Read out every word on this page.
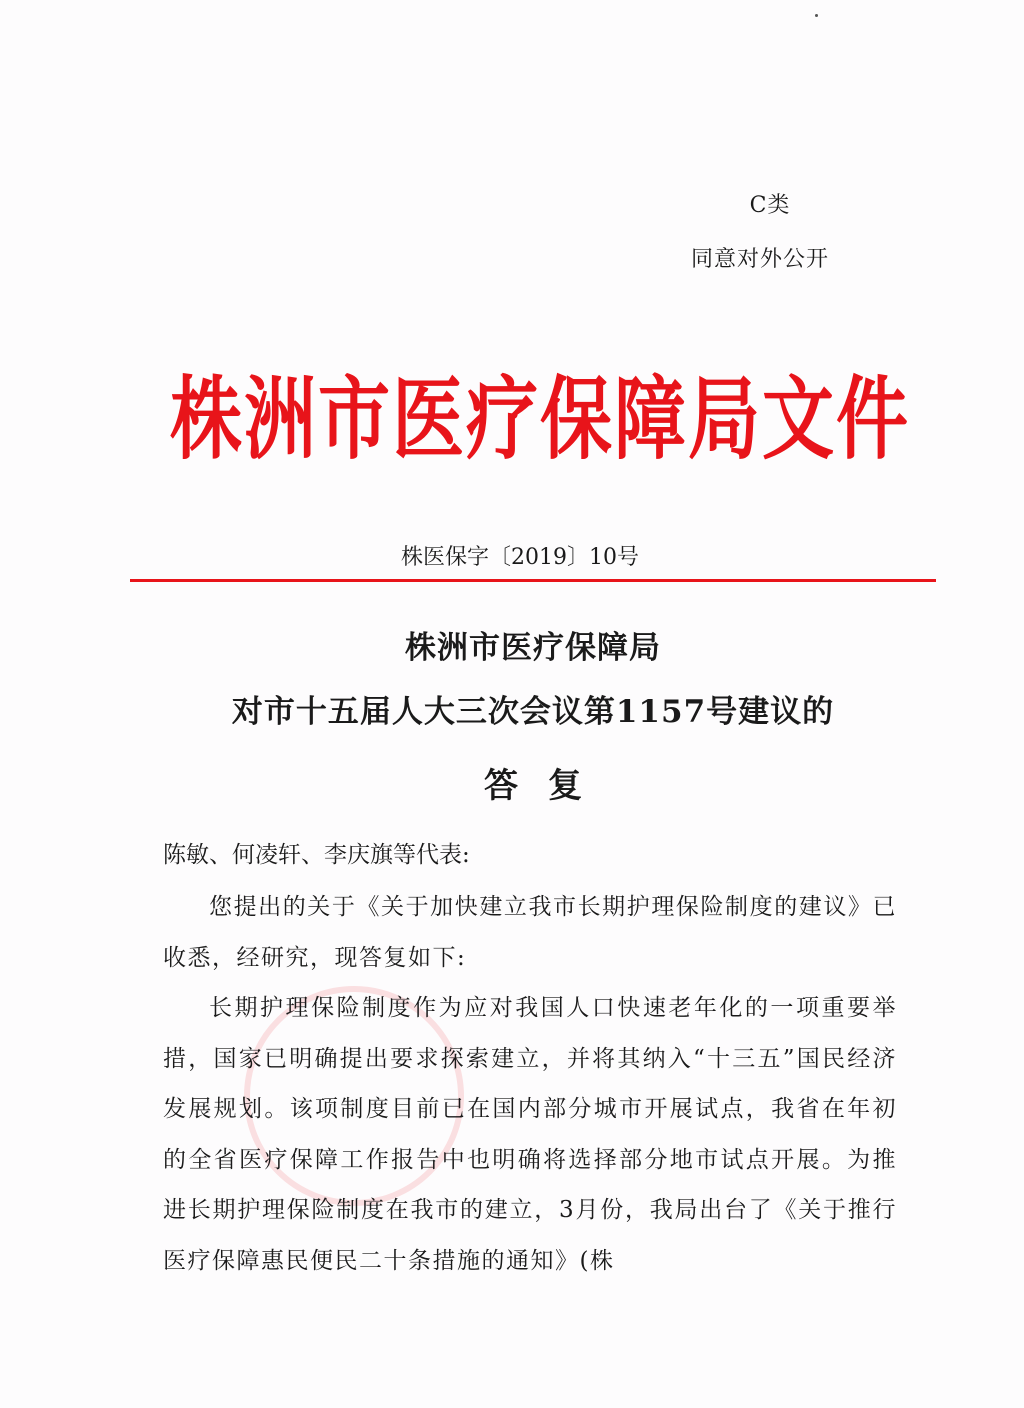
C类
同意对外公开
株洲市医疗保障局文件
株医保字〔2019〕10号
株洲市医疗保障局
对市十五届人大三次会议第1157号建议的
答复
陈敏、何凌轩、李庆旗等代表:

您提出的关于《关于加快建立我市长期护理保险制度的建议》已收悉，经研究，现答复如下:

长期护理保险制度作为应对我国人口快速老年化的一项重要举措，国家已明确提出要求探索建立，并将其纳入“十三五”国民经济发展规划。该项制度目前已在国内部分城市开展试点，我省在年初的全省医疗保障工作报告中也明确将选择部分地市试点开展。为推进长期护理保险制度在我市的建立，3月份，我局出台了《关于推行医疗保障惠民便民二十条措施的通知》(株
